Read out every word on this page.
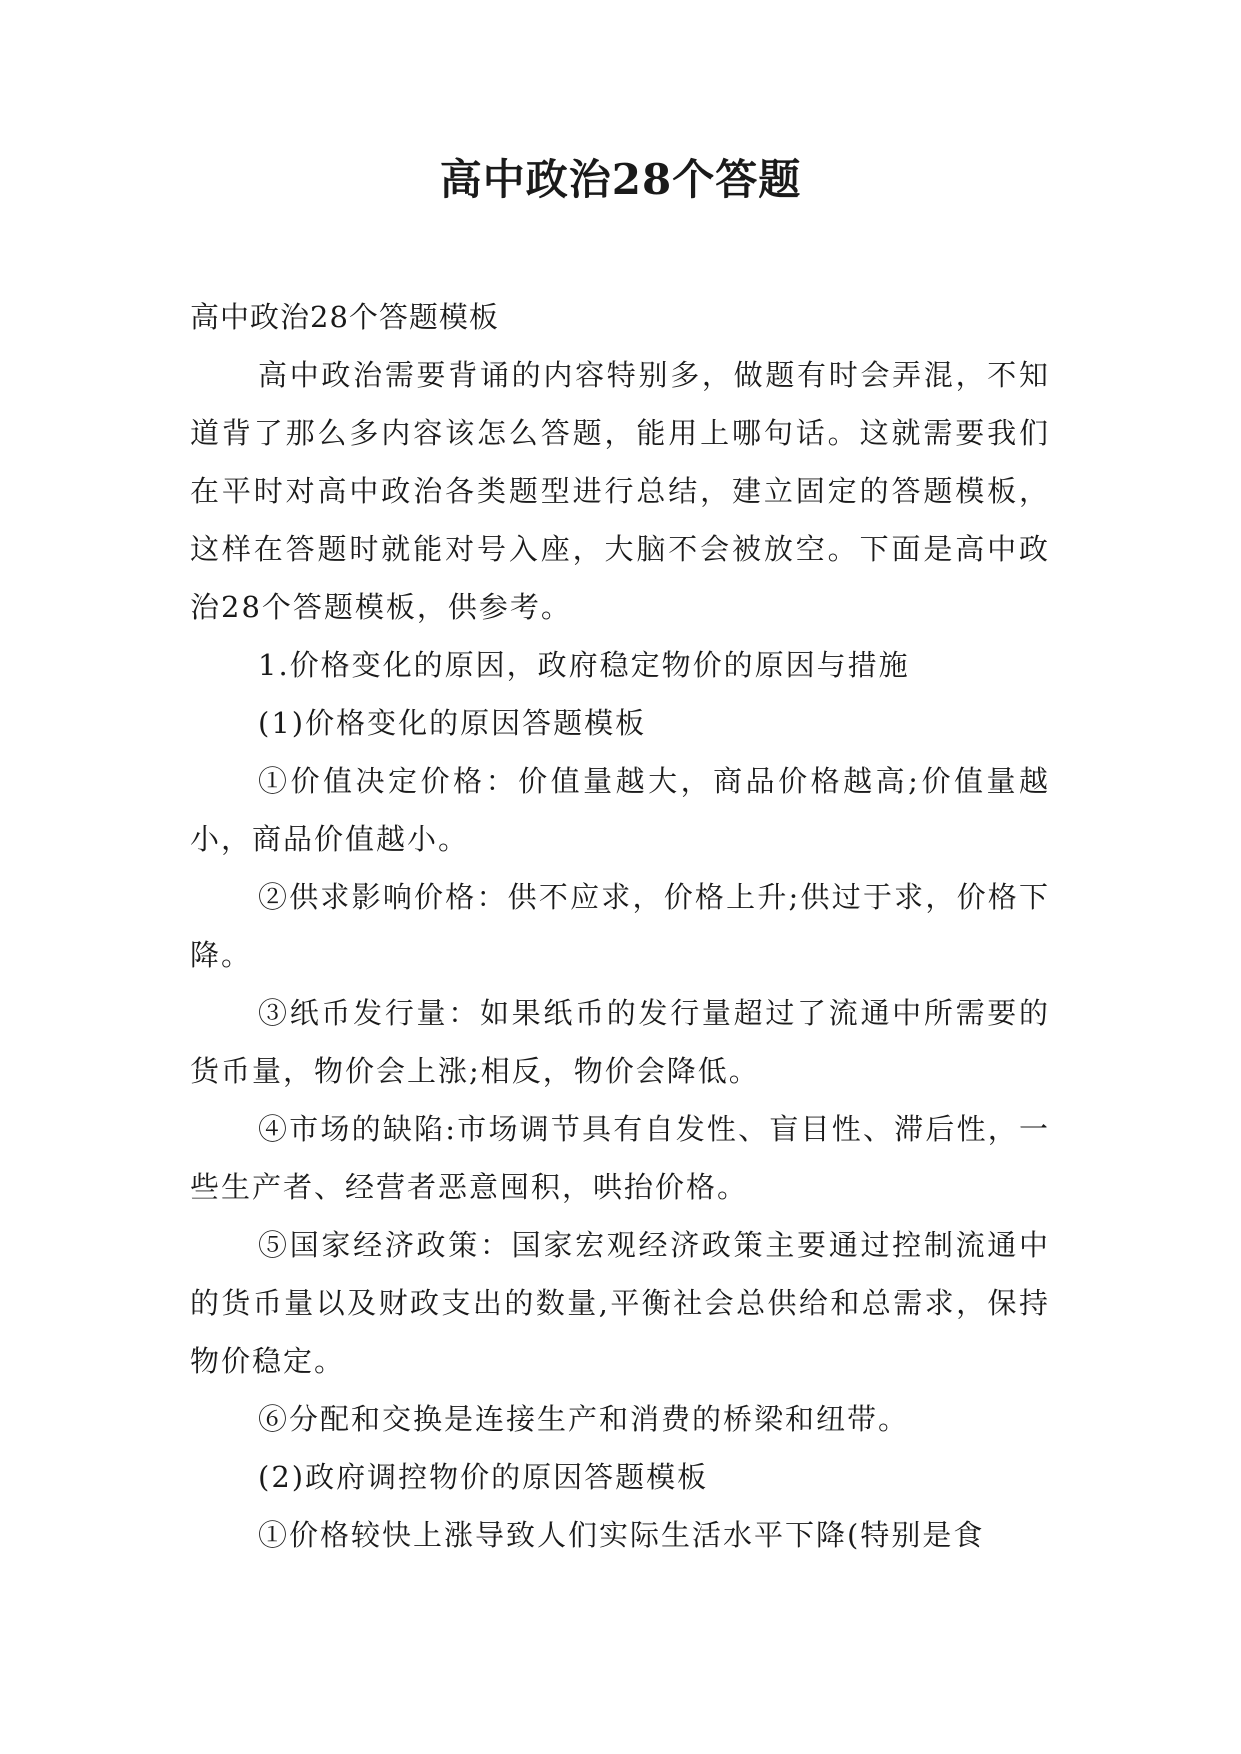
高中政治28个答题

高中政治28个答题模板

高中政治需要背诵的内容特别多，做题有时会弄混，不知道背了那么多内容该怎么答题，能用上哪句话。这就需要我们在平时对高中政治各类题型进行总结，建立固定的答题模板，这样在答题时就能对号入座，大脑不会被放空。下面是高中政治28个答题模板，供参考。

1.价格变化的原因，政府稳定物价的原因与措施

(1)价格变化的原因答题模板

①价值决定价格：价值量越大，商品价格越高;价值量越小，商品价值越小。

②供求影响价格：供不应求，价格上升;供过于求，价格下降。

③纸币发行量：如果纸币的发行量超过了流通中所需要的货币量，物价会上涨;相反，物价会降低。

④市场的缺陷:市场调节具有自发性、盲目性、滞后性，一些生产者、经营者恶意囤积，哄抬价格。

⑤国家经济政策：国家宏观经济政策主要通过控制流通中的货币量以及财政支出的数量,平衡社会总供给和总需求，保持物价稳定。

⑥分配和交换是连接生产和消费的桥梁和纽带。

(2)政府调控物价的原因答题模板

①价格较快上涨导致人们实际生活水平下降(特别是食
